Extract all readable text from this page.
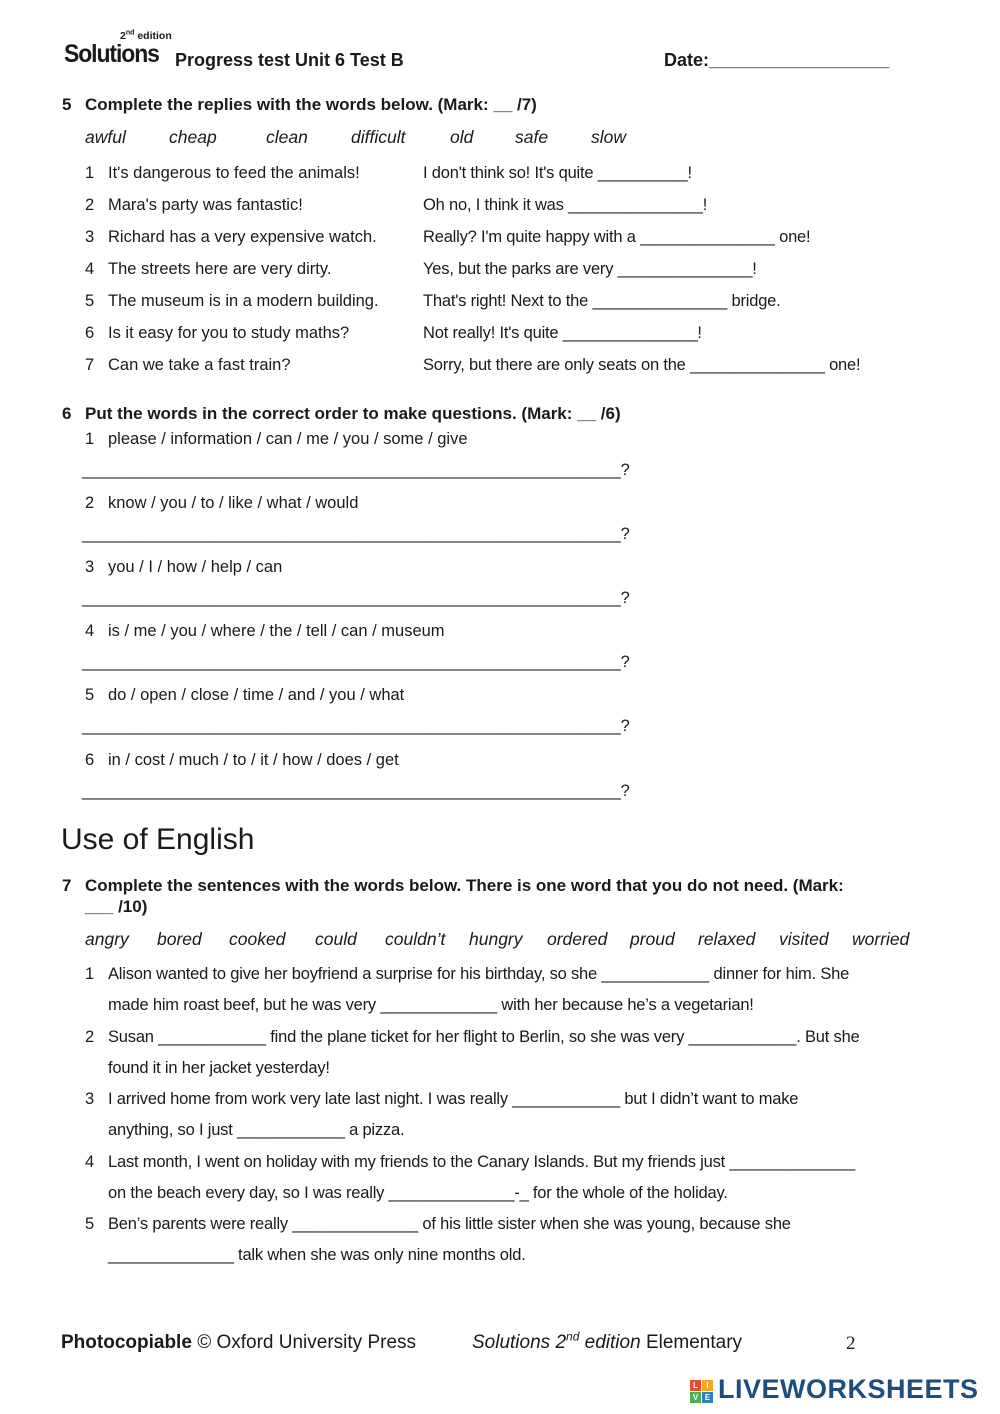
2nd edition
Solutions Progress test Unit 6 Test B	Date:__________________
5 Complete the replies with the words below. (Mark: __ /7)
awful cheap	clean difficult	old safe slow
1 It's dangerous to feed the animals!	I don't think so! It's quite __________!
2 Mara's party was fantastic!	Oh no, I think it was _______________!
3 Richard has a very expensive watch.	Really? I'm quite happy with a _______________ one!
4 The streets here are very dirty.	Yes, but the parks are very _______________!
5 The museum is in a modern building.	That's right! Next to the _______________ bridge.
6 Is it easy for you to study maths?	Not really! It's quite _______________!
7 Can we take a fast train?	Sorry, but there are only seats on the _______________ one!
6 Put the words in the correct order to make questions. (Mark: __ /6)
1 please / information / can / me / you / some / give
____________________________________________________________?
2 know / you / to / like / what / would
____________________________________________________________?
3 you / I / how / help / can
____________________________________________________________?
4 is / me / you / where / the / tell / can / museum
____________________________________________________________?
5 do / open / close / time / and / you / what
____________________________________________________________?
6 in / cost / much / to / it / how / does / get
____________________________________________________________?
Use of English
7 Complete the sentences with the words below. There is one word that you do not need. (Mark:
___ /10)
angry bored cooked could couldn’t hungry ordered proud relaxed visited worried
1 Alison wanted to give her boyfriend a surprise for his birthday, so she ____________ dinner for him. She
made him roast beef, but he was very _____________ with her because he’s a vegetarian!
2 Susan ____________ find the plane ticket for her flight to Berlin, so she was very ____________. But she
found it in her jacket yesterday!
3 I arrived home from work very late last night. I was really ____________ but I didn’t want to make
anything, so I just ____________ a pizza.
4 Last month, I went on holiday with my friends to the Canary Islands. But my friends just ______________
on the beach every day, so I was really ______________-_ for the whole of the holiday.
5 Ben’s parents were really ______________ of his little sister when she was young, because she
______________ talk when she was only nine months old.
Photocopiable © Oxford University Press	Solutions 2nd edition Elementary	2
L	I
V E LIVEWORKSHEETS
